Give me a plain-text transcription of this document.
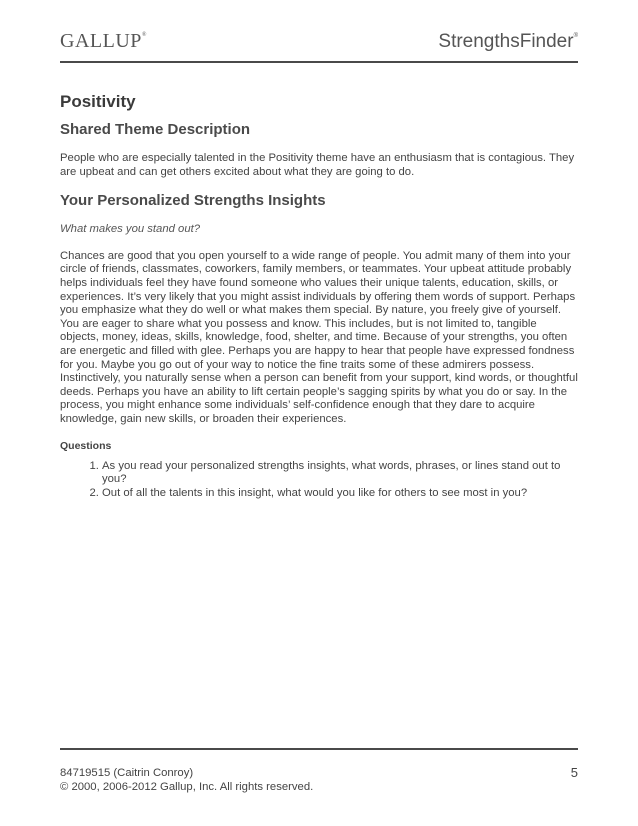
GALLUP®	StrengthsFinder®
Positivity
Shared Theme Description

People who are especially talented in the Positivity theme have an enthusiasm that is contagious. They are upbeat and can get others excited about what they are going to do.

Your Personalized Strengths Insights

What makes you stand out?

Chances are good that you open yourself to a wide range of people. You admit many of them into your circle of friends, classmates, coworkers, family members, or teammates. Your upbeat attitude probably helps individuals feel they have found someone who values their unique talents, education, skills, or experiences. It’s very likely that you might assist individuals by offering them words of support. Perhaps you emphasize what they do well or what makes them special. By nature, you freely give of yourself. You are eager to share what you possess and know. This includes, but is not limited to, tangible objects, money, ideas, skills, knowledge, food, shelter, and time. Because of your strengths, you often are energetic and filled with glee. Perhaps you are happy to hear that people have expressed fondness for you. Maybe you go out of your way to notice the fine traits some of these admirers possess. Instinctively, you naturally sense when a person can benefit from your support, kind words, or thoughtful deeds. Perhaps you have an ability to lift certain people’s sagging spirits by what you do or say. In the process, you might enhance some individuals’ self-confidence enough that they dare to acquire knowledge, gain new skills, or broaden their experiences.

Questions

1. As you read your personalized strengths insights, what words, phrases, or lines stand out to you?
2. Out of all the talents in this insight, what would you like for others to see most in you?
84719515 (Caitrin Conroy)
© 2000, 2006-2012 Gallup, Inc. All rights reserved.
5
